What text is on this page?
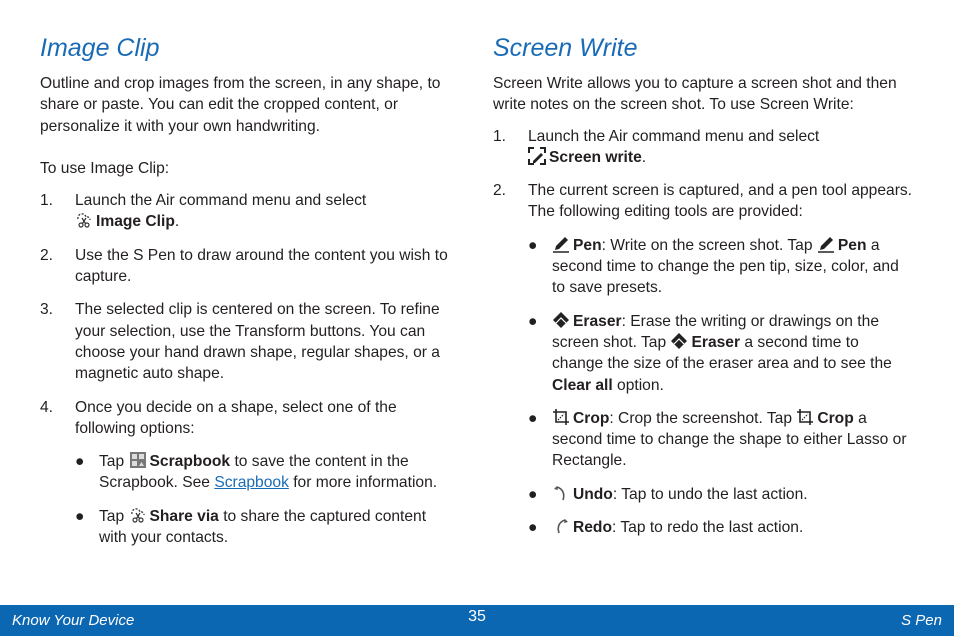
Image Clip

Outline and crop images from the screen, in any shape, to share or paste. You can edit the cropped content, or personalize it with your own handwriting.

To use Image Clip:

1. Launch the Air command menu and select

Image Clip.
2. Use the S Pen to draw around the content you wish to capture.
3. The selected clip is centered on the screen. To refine your selection, use the Transform buttons. You can choose your hand drawn shape, regular shapes, or a magnetic auto shape.
4. Once you decide on a shape, select one of the following options:
● Tap Scrapbook to save the content in the Scrapbook. See Scrapbook for more information.
● Tap Share via to share the captured content with your contacts.
Screen Write

Screen Write allows you to capture a screen shot and then write notes on the screen shot. To use Screen Write:

1. Launch the Air command menu and select

Screen write.
2. The current screen is captured, and a pen tool appears. The following editing tools are provided:
● Pen: Write on the screen shot. Tap Pen a second time to change the pen tip, size, color, and to save presets.
● Eraser: Erase the writing or drawings on the screen shot. Tap Eraser a second time to change the size of the eraser area and to see the Clear all option.
● Crop: Crop the screenshot. Tap Crop a second time to change the shape to either Lasso or Rectangle.
● Undo: Tap to undo the last action.
● Redo: Tap to redo the last action.
Know Your Device	35	S Pen
